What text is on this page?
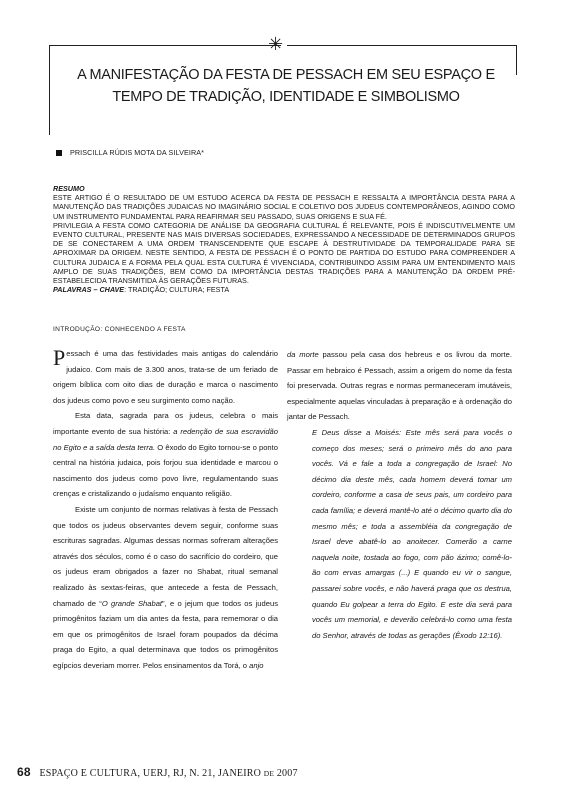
✳
A MANIFESTAÇÃO DA FESTA DE PESSACH EM SEU ESPAÇO E TEMPO DE TRADIÇÃO, IDENTIDADE E SIMBOLISMO
PRISCILLA RÚDIS MOTA DA SILVEIRA*
RESUMO
ESTE ARTIGO É O RESULTADO DE UM ESTUDO ACERCA DA FESTA DE PESSACH E RESSALTA A IMPORTÂNCIA DESTA PARA A MANUTENÇÃO DAS TRADIÇÕES JUDAICAS NO IMAGINÁRIO SOCIAL E COLETIVO DOS JUDEUS CONTEMPORÂNEOS, AGINDO COMO UM INSTRUMENTO FUNDAMENTAL PARA REAFIRMAR SEU PASSADO, SUAS ORIGENS E SUA FÉ.
PRIVILEGIA A FESTA COMO CATEGORIA DE ANÁLISE DA GEOGRAFIA CULTURAL É RELEVANTE, POIS É INDISCUTIVELMENTE UM EVENTO CULTURAL, PRESENTE NAS MAIS DIVERSAS SOCIEDADES, EXPRESSANDO A NECESSIDADE DE DETERMINADOS GRUPOS DE SE CONECTAREM A UMA ORDEM TRANSCENDENTE QUE ESCAPE À DESTRUTIVIDADE DA TEMPORALIDADE PARA SE APROXIMAR DA ORIGEM. NESTE SENTIDO, A FESTA DE PESSACH É O PONTO DE PARTIDA DO ESTUDO PARA COMPREENDER A CULTURA JUDAICA E A FORMA PELA QUAL ESTA CULTURA É VIVENCIADA, CONTRIBUINDO ASSIM PARA UM ENTENDIMENTO MAIS AMPLO DE SUAS TRADIÇÕES, BEM COMO DA IMPORTÂNCIA DESTAS TRADIÇÕES PARA A MANUTENÇÃO DA ORDEM PRÉ-ESTABELECIDA TRANSMITIDA ÀS GERAÇÕES FUTURAS.
PALAVRAS – CHAVE: TRADIÇÃO; CULTURA; FESTA
INTRODUÇÃO: CONHECENDO A FESTA

Pessach é uma das festividades mais antigas do calendário judaico. Com mais de 3.300 anos, trata-se de um feriado de origem bíblica com oito dias de duração e marca o nascimento dos judeus como povo e seu surgimento como nação.

Esta data, sagrada para os judeus, celebra o mais importante evento de sua história: a redenção de sua escravidão no Egito e a saída desta terra. O êxodo do Egito tornou-se o ponto central na história judaica, pois forjou sua identidade e marcou o nascimento dos judeus como povo livre, regulamentando suas crenças e cristalizando o judaísmo enquanto religião.

Existe um conjunto de normas relativas à festa de Pessach que todos os judeus observantes devem seguir, conforme suas escrituras sagradas. Algumas dessas normas sofreram alterações através dos séculos, como é o caso do sacrifício do cordeiro, que os judeus eram obrigados a fazer no Shabat, ritual semanal realizado às sextas-feiras, que antecede a festa de Pessach, chamado de “O grande Shabat”, e o jejum que todos os judeus primogênitos faziam um dia antes da festa, para rememorar o dia em que os primogênitos de Israel foram poupados da décima praga do Egito, a qual determinava que todos os primogênitos egípcios deveriam morrer. Pelos ensinamentos da Torá, o anjo

da morte passou pela casa dos hebreus e os livrou da morte. Passar em hebraico é Pessach, assim a origem do nome da festa foi preservada. Outras regras e normas permaneceram imutáveis, especialmente aquelas vinculadas à preparação e à ordenação do jantar de Pessach.

E Deus disse a Moisés: Este mês será para vocês o começo dos meses; será o primeiro mês do ano para vocês. Vá e fale a toda a congregação de Israel: No décimo dia deste mês, cada homem deverá tomar um cordeiro, conforme a casa de seus pais, um cordeiro para cada família; e deverá mantê-lo até o décimo quarto dia do mesmo mês; e toda a assembléia da congregação de Israel deve abatê-lo ao anoitecer. Comerão a carne naquela noite, tostada ao fogo, com pão ázimo; comê-lo-ão com ervas amargas (...) E quando eu vir o sangue, passarei sobre vocês, e não haverá praga que os destrua, quando Eu golpear a terra do Egito. E este dia será para vocês um memorial, e deverão celebrá-lo como uma festa do Senhor, através de todas as gerações (Êxodo 12:16).

68 ESPAÇO E CULTURA, UERJ, RJ, N. 21, JANEIRO DE 2007
